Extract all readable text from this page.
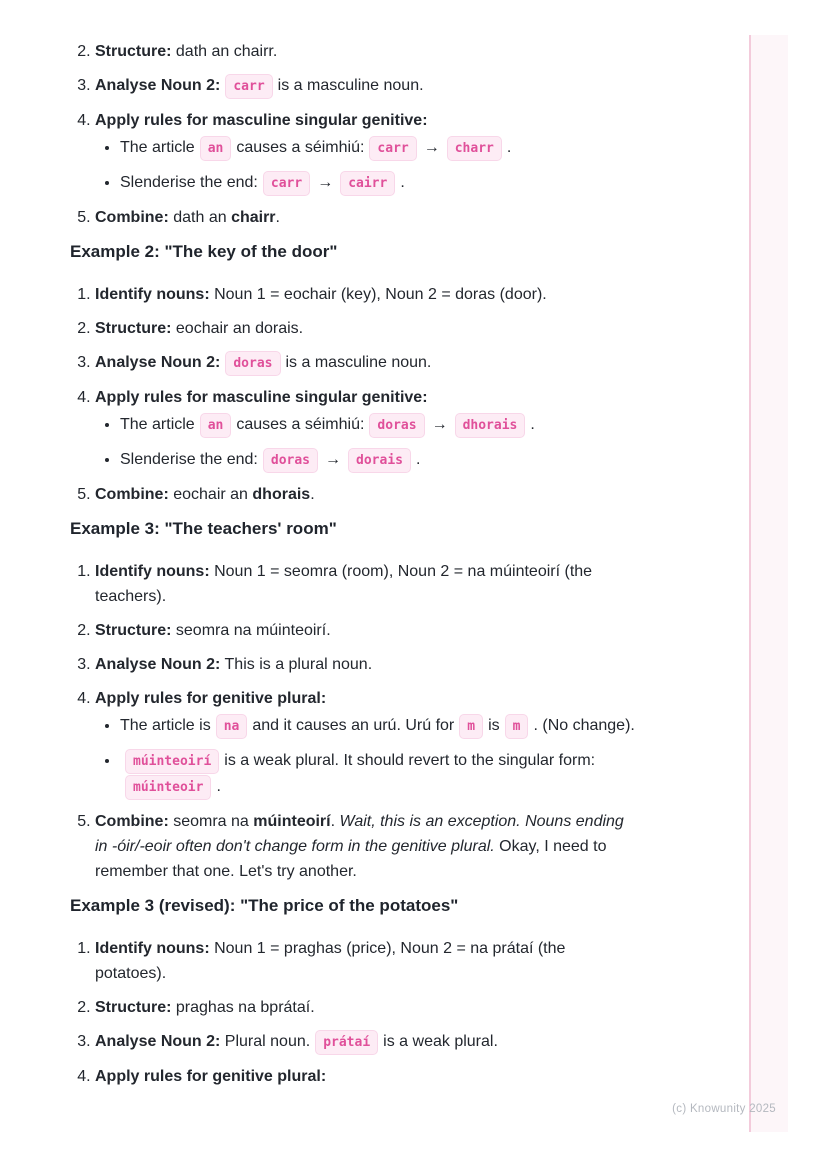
2. Structure: dath an chairr.
3. Analyse Noun 2: carr is a masculine noun.
4. Apply rules for masculine singular genitive:
• The article an causes a séimhiú: carr → charr .
• Slenderise the end: carr → cairr .
5. Combine: dath an chairr.
Example 2: "The key of the door"
1. Identify nouns: Noun 1 = eochair (key), Noun 2 = doras (door).
2. Structure: eochair an dorais.
3. Analyse Noun 2: doras is a masculine noun.
4. Apply rules for masculine singular genitive:
• The article an causes a séimhiú: doras → dhorais .
• Slenderise the end: doras → dorais .
5. Combine: eochair an dhorais.
Example 3: "The teachers' room"
1. Identify nouns: Noun 1 = seomra (room), Noun 2 = na múinteoirí (the
teachers).
2. Structure: seomra na múinteoirí.
3. Analyse Noun 2: This is a plural noun.
4. Apply rules for genitive plural:
• The article is na and it causes an urú. Urú for m is m . (No change).
• múinteoirí is a weak plural. It should revert to the singular form:
múinteoir .
5. Combine: seomra na múinteoirí. Wait, this is an exception. Nouns ending
in -óir/-eoir often don't change form in the genitive plural. Okay, I need to
remember that one. Let's try another.
Example 3 (revised): "The price of the potatoes"
1. Identify nouns: Noun 1 = praghas (price), Noun 2 = na prátaí (the
potatoes).
2. Structure: praghas na bprátaí.
3. Analyse Noun 2: Plural noun. prátaí is a weak plural.
4. Apply rules for genitive plural:
(c) Knowunity 2025
